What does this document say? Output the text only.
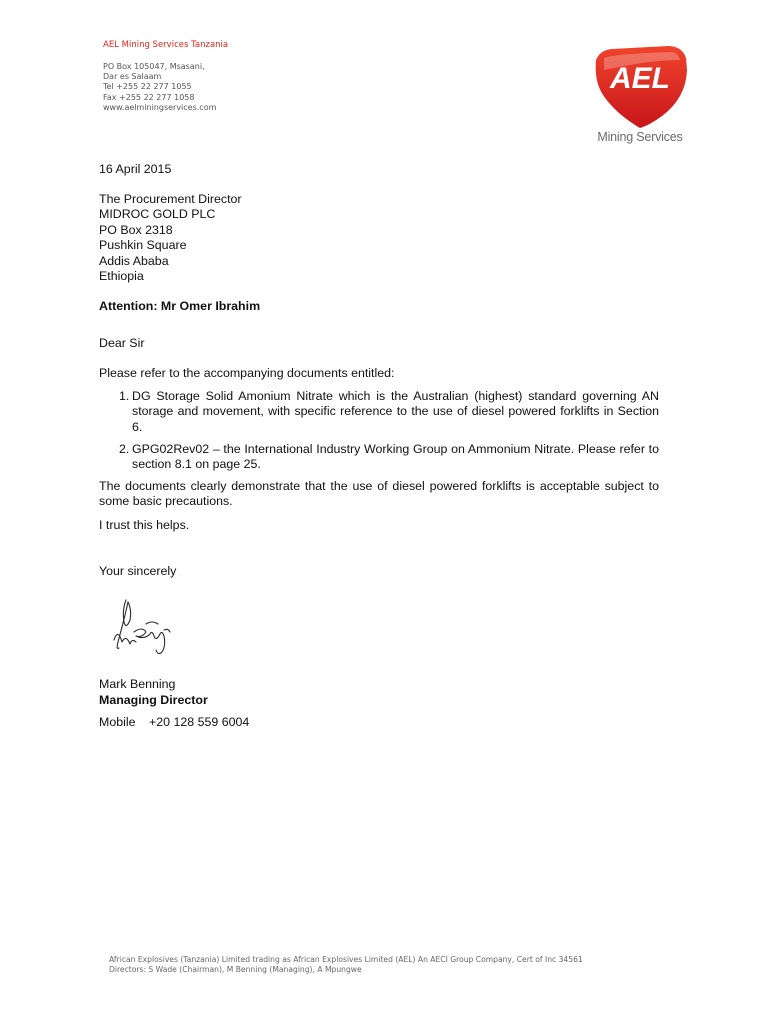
AEL Mining Services Tanzania
PO Box 105047, Msasani,
Dar es Salaam
Tel +255 22 277 1055
Fax +255 22 277 1058
www.aelminingservices.com
AEL
Mining Services
16 April 2015
The Procurement Director
MIDROC GOLD PLC
PO Box 2318
Pushkin Square
Addis Ababa
Ethiopia
Attention: Mr Omer Ibrahim
Dear Sir
Please refer to the accompanying documents entitled:
1. DG Storage Solid Amonium Nitrate which is the Australian (highest) standard governing AN storage and movement, with specific reference to the use of diesel powered forklifts in Section 6.
2. GPG02Rev02 – the International Industry Working Group on Ammonium Nitrate. Please refer to section 8.1 on page 25.
The documents clearly demonstrate that the use of diesel powered forklifts is acceptable subject to some basic precautions.
I trust this helps.
Your sincerely
Mark Benning
Managing Director
Mobile +20 128 559 6004
African Explosives (Tanzania) Limited trading as African Explosives Limited (AEL) An AECI Group Company, Cert of Inc 34561
Directors: S Wade (Chairman), M Benning (Managing), A Mpungwe
